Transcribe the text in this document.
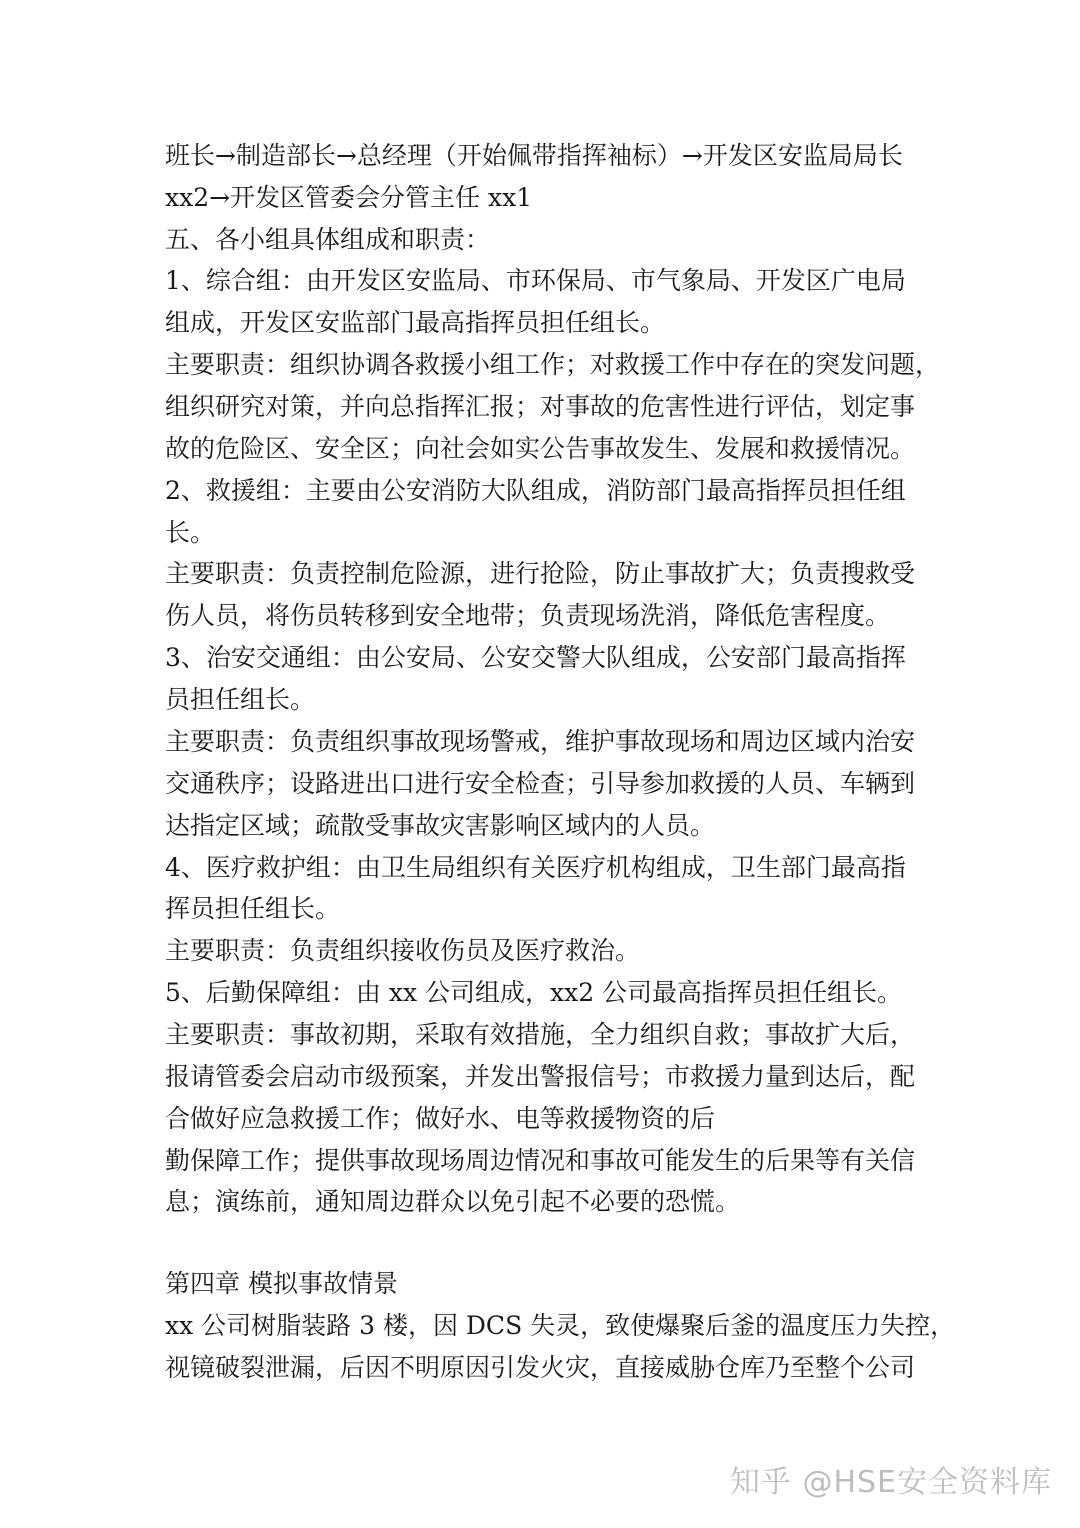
班长→制造部长→总经理（开始佩带指挥袖标）→开发区安监局局长
xx2→开发区管委会分管主任 xx1
五、各小组具体组成和职责：
1、综合组：由开发区安监局、市环保局、市气象局、开发区广电局
组成，开发区安监部门最高指挥员担任组长。
主要职责：组织协调各救援小组工作；对救援工作中存在的突发问题，
组织研究对策，并向总指挥汇报；对事故的危害性进行评估，划定事
故的危险区、安全区；向社会如实公告事故发生、发展和救援情况。
2、救援组：主要由公安消防大队组成，消防部门最高指挥员担任组
长。
主要职责：负责控制危险源，进行抢险，防止事故扩大；负责搜救受
伤人员，将伤员转移到安全地带；负责现场洗消，降低危害程度。
3、治安交通组：由公安局、公安交警大队组成，公安部门最高指挥
员担任组长。
主要职责：负责组织事故现场警戒，维护事故现场和周边区域内治安
交通秩序；设路进出口进行安全检查；引导参加救援的人员、车辆到
达指定区域；疏散受事故灾害影响区域内的人员。
4、医疗救护组：由卫生局组织有关医疗机构组成，卫生部门最高指
挥员担任组长。
主要职责：负责组织接收伤员及医疗救治。
5、后勤保障组：由 xx 公司组成，xx2 公司最高指挥员担任组长。
主要职责：事故初期，采取有效措施，全力组织自救；事故扩大后，
报请管委会启动市级预案，并发出警报信号；市救援力量到达后，配
合做好应急救援工作；做好水、电等救援物资的后
勤保障工作；提供事故现场周边情况和事故可能发生的后果等有关信
息；演练前，通知周边群众以免引起不必要的恐慌。
第四章 模拟事故情景
xx 公司树脂装路 3 楼，因 DCS 失灵，致使爆聚后釜的温度压力失控，
视镜破裂泄漏，后因不明原因引发火灾，直接威胁仓库乃至整个公司
知乎 @HSE安全资料库
